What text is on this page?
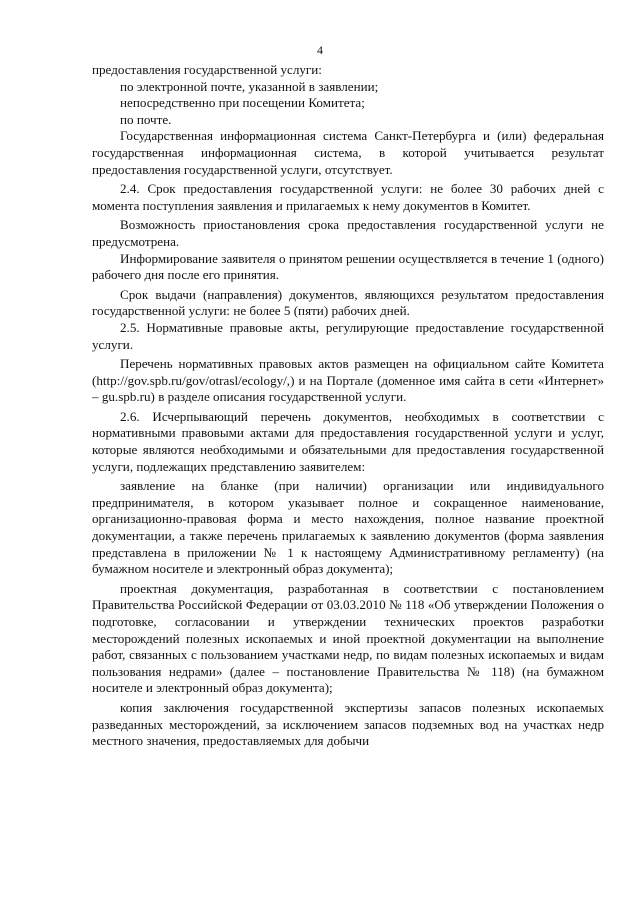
4

предоставления государственной услуги:

по электронной почте, указанной в заявлении;

непосредственно при посещении Комитета;

по почте.

Государственная информационная система Санкт-Петербурга и (или) федеральная государственная информационная система, в которой учитывается результат предоставления государственной услуги, отсутствует.

2.4. Срок предоставления государственной услуги: не более 30 рабочих дней с момента поступления заявления и прилагаемых к нему документов в Комитет.

Возможность приостановления срока предоставления государственной услуги не предусмотрена.

Информирование заявителя о принятом решении осуществляется в течение 1 (одного) рабочего дня после его принятия.

Срок выдачи (направления) документов, являющихся результатом предоставления государственной услуги: не более 5 (пяти) рабочих дней.

2.5. Нормативные правовые акты, регулирующие предоставление государственной услуги.

Перечень нормативных правовых актов размещен на официальном сайте Комитета (http://gov.spb.ru/gov/otrasl/ecology/,) и на Портале (доменное имя сайта в сети «Интернет» – gu.spb.ru) в разделе описания государственной услуги.

2.6. Исчерпывающий перечень документов, необходимых в соответствии с нормативными правовыми актами для предоставления государственной услуги и услуг, которые являются необходимыми и обязательными для предоставления государственной услуги, подлежащих представлению заявителем:

заявление на бланке (при наличии) организации или индивидуального предпринимателя, в котором указывает полное и сокращенное наименование, организационно-правовая форма и место нахождения, полное название проектной документации, а также перечень прилагаемых к заявлению документов (форма заявления представлена в приложении № 1 к настоящему Административному регламенту) (на бумажном носителе и электронный образ документа);

проектная документация, разработанная в соответствии с постановлением Правительства Российской Федерации от 03.03.2010 № 118 «Об утверждении Положения о подготовке, согласовании и утверждении технических проектов разработки месторождений полезных ископаемых и иной проектной документации на выполнение работ, связанных с пользованием участками недр, по видам полезных ископаемых и видам пользования недрами» (далее – постановление Правительства № 118) (на бумажном носителе и электронный образ документа);

копия заключения государственной экспертизы запасов полезных ископаемых разведанных месторождений, за исключением запасов подземных вод на участках недр местного значения, предоставляемых для добычи
